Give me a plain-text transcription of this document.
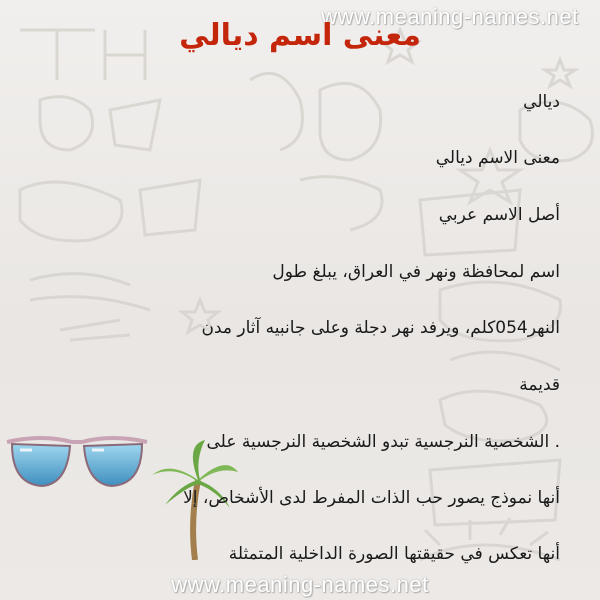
www.meaning-names.net
معنى اسم ديالي
ديالي
معنى الاسم ديالي
أصل الاسم عربي
اسم لمحافظة ونهر في العراق، يبلغ طول
النهر054كلم، ويرفد نهر دجلة وعلى جانبيه آثار مدن
قديمة
. الشخصية النرجسية تبدو الشخصية النرجسية على
أنها نموذج يصور حب الذات المفرط لدى الأشخاص، إلا
أنها تعكس في حقيقتها الصورة الداخلية المتمثلة
www.meaning-names.net
